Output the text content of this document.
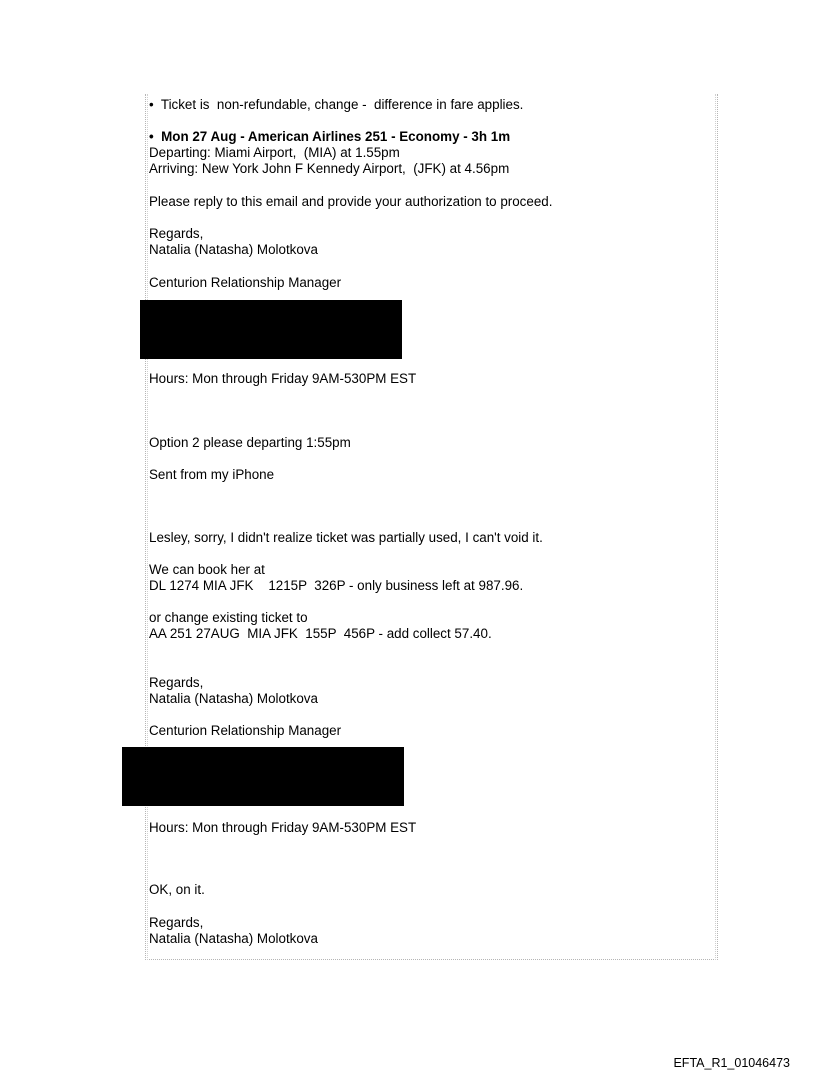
•  Ticket is  non-refundable, change -  difference in fare applies.
•  Mon 27 Aug - American Airlines 251 - Economy - 3h 1m
Departing: Miami Airport,  (MIA) at 1.55pm
Arriving: New York John F Kennedy Airport,  (JFK) at 4.56pm
Please reply to this email and provide your authorization to proceed.
Regards,
Natalia (Natasha) Molotkova
Centurion Relationship Manager
Hours: Mon through Friday 9AM-530PM EST
Option 2 please departing 1:55pm
Sent from my iPhone
Lesley, sorry, I didn't realize ticket was partially used, I can't void it.
We can book her at
DL 1274 MIA JFK    1215P  326P - only business left at 987.96.
or change existing ticket to
AA 251 27AUG  MIA JFK  155P  456P - add collect 57.40.
Regards,
Natalia (Natasha) Molotkova
Centurion Relationship Manager
Hours: Mon through Friday 9AM-530PM EST
OK, on it.
Regards,
Natalia (Natasha) Molotkova
EFTA_R1_01046473
